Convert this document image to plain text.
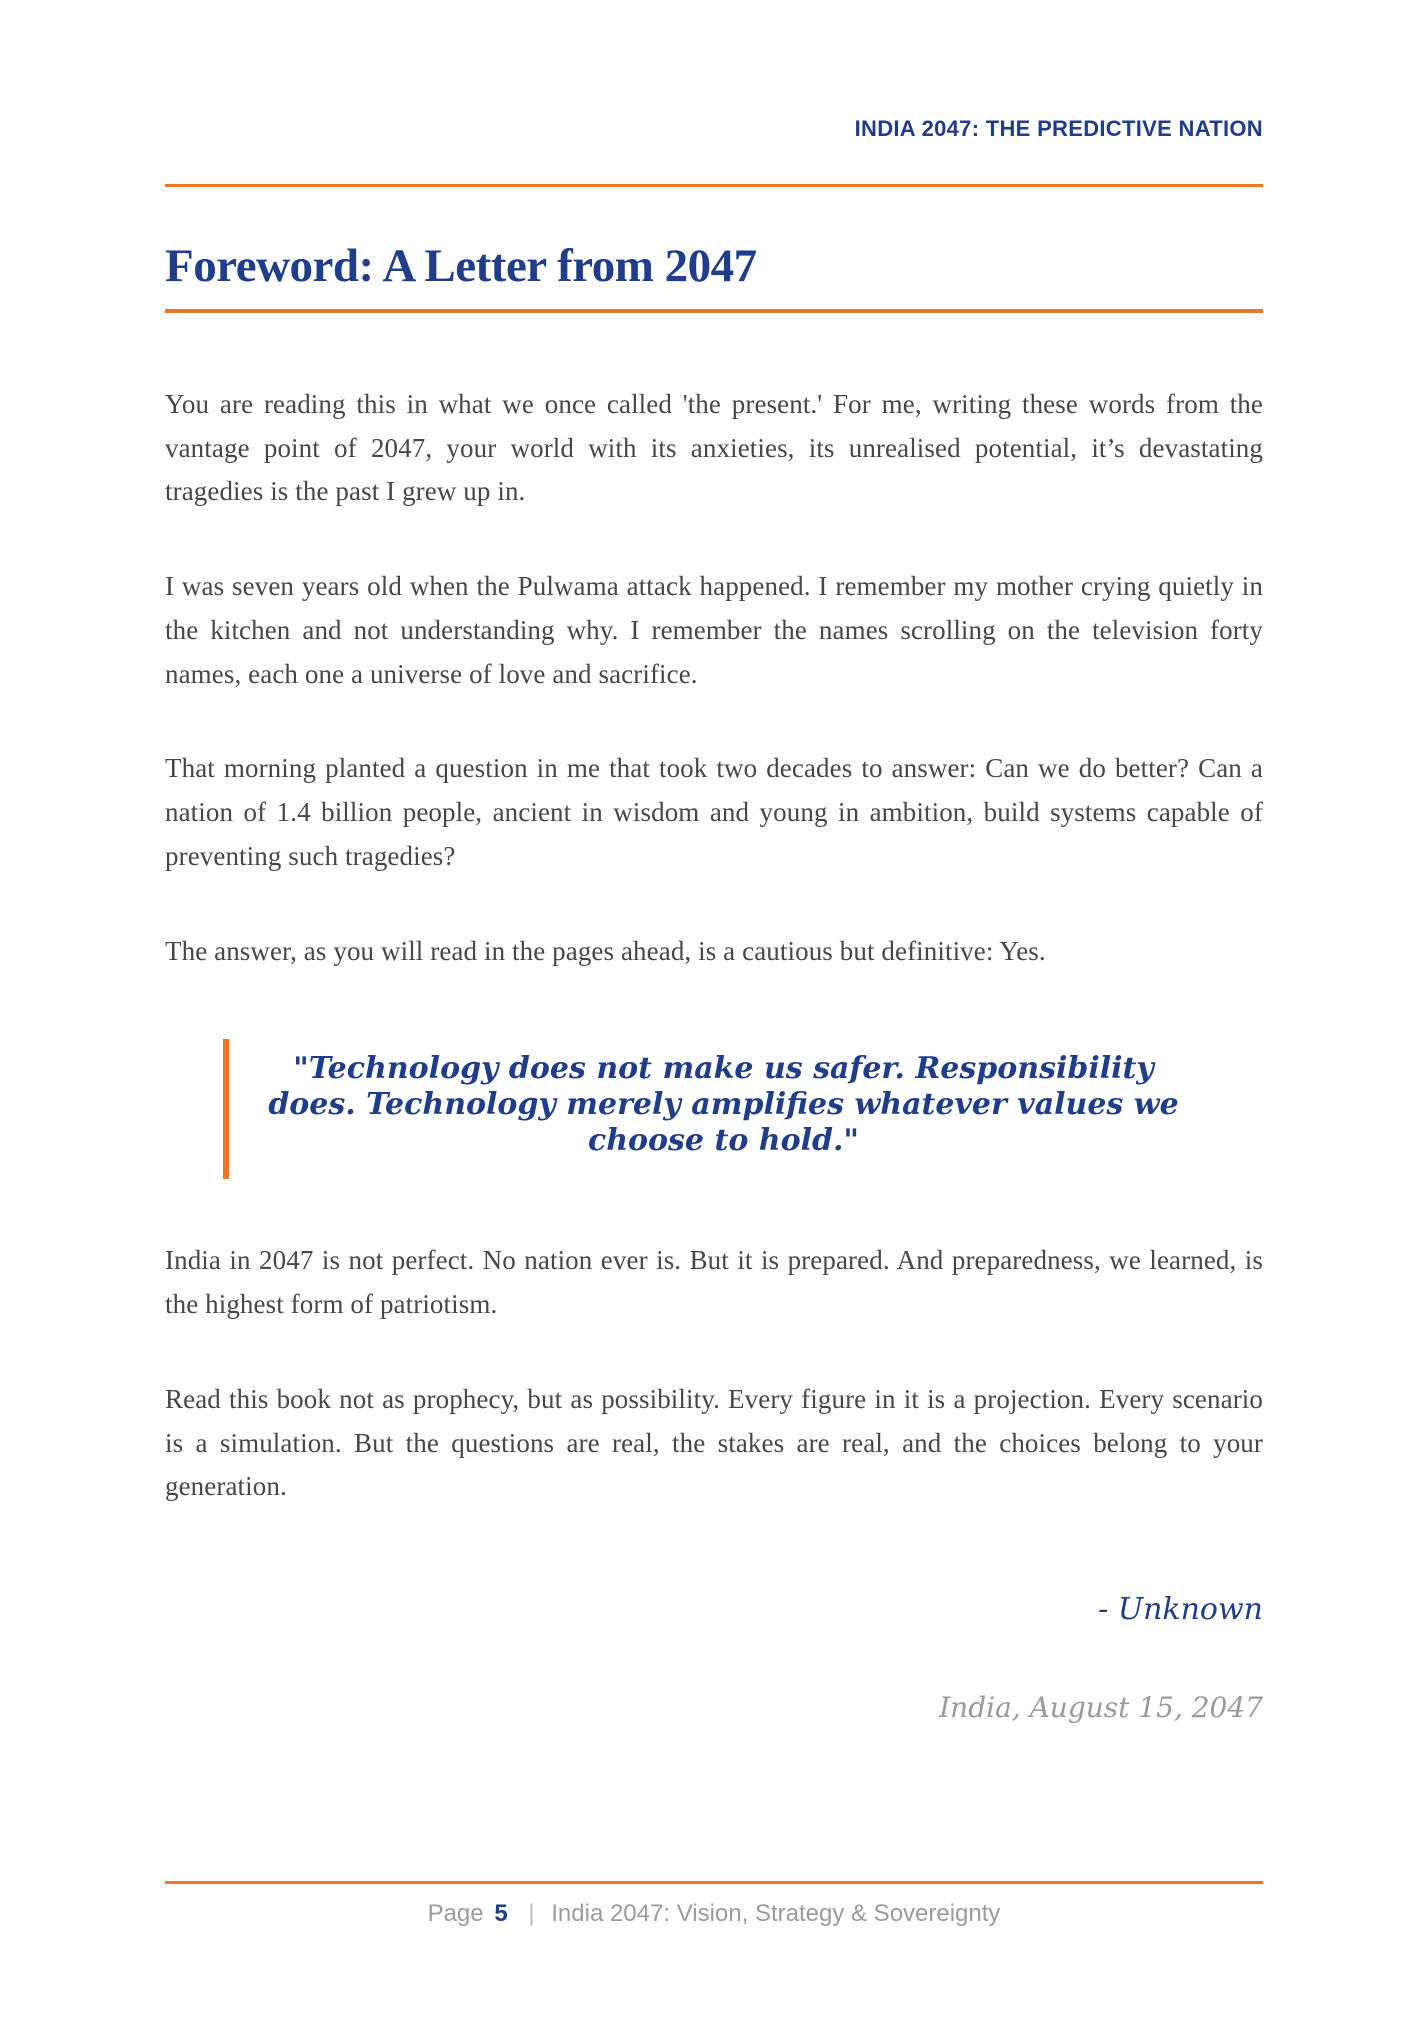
INDIA 2047: THE PREDICTIVE NATION
Foreword: A Letter from 2047

You are reading this in what we once called 'the present.' For me, writing these words from the vantage point of 2047, your world with its anxieties, its unrealised potential, it’s devastating tragedies is the past I grew up in.

I was seven years old when the Pulwama attack happened. I remember my mother crying quietly in the kitchen and not understanding why. I remember the names scrolling on the television forty names, each one a universe of love and sacrifice.

That morning planted a question in me that took two decades to answer: Can we do better? Can a nation of 1.4 billion people, ancient in wisdom and young in ambition, build systems capable of preventing such tragedies?

The answer, as you will read in the pages ahead, is a cautious but definitive: Yes.

"Technology does not make us safer. Responsibility does. Technology merely amplifies whatever values we choose to hold."

India in 2047 is not perfect. No nation ever is. But it is prepared. And preparedness, we learned, is the highest form of patriotism.

Read this book not as prophecy, but as possibility. Every figure in it is a projection. Every scenario is a simulation. But the questions are real, the stakes are real, and the choices belong to your generation.

- Unknown
India, August 15, 2047
Page 5 | India 2047: Vision, Strategy & Sovereignty
